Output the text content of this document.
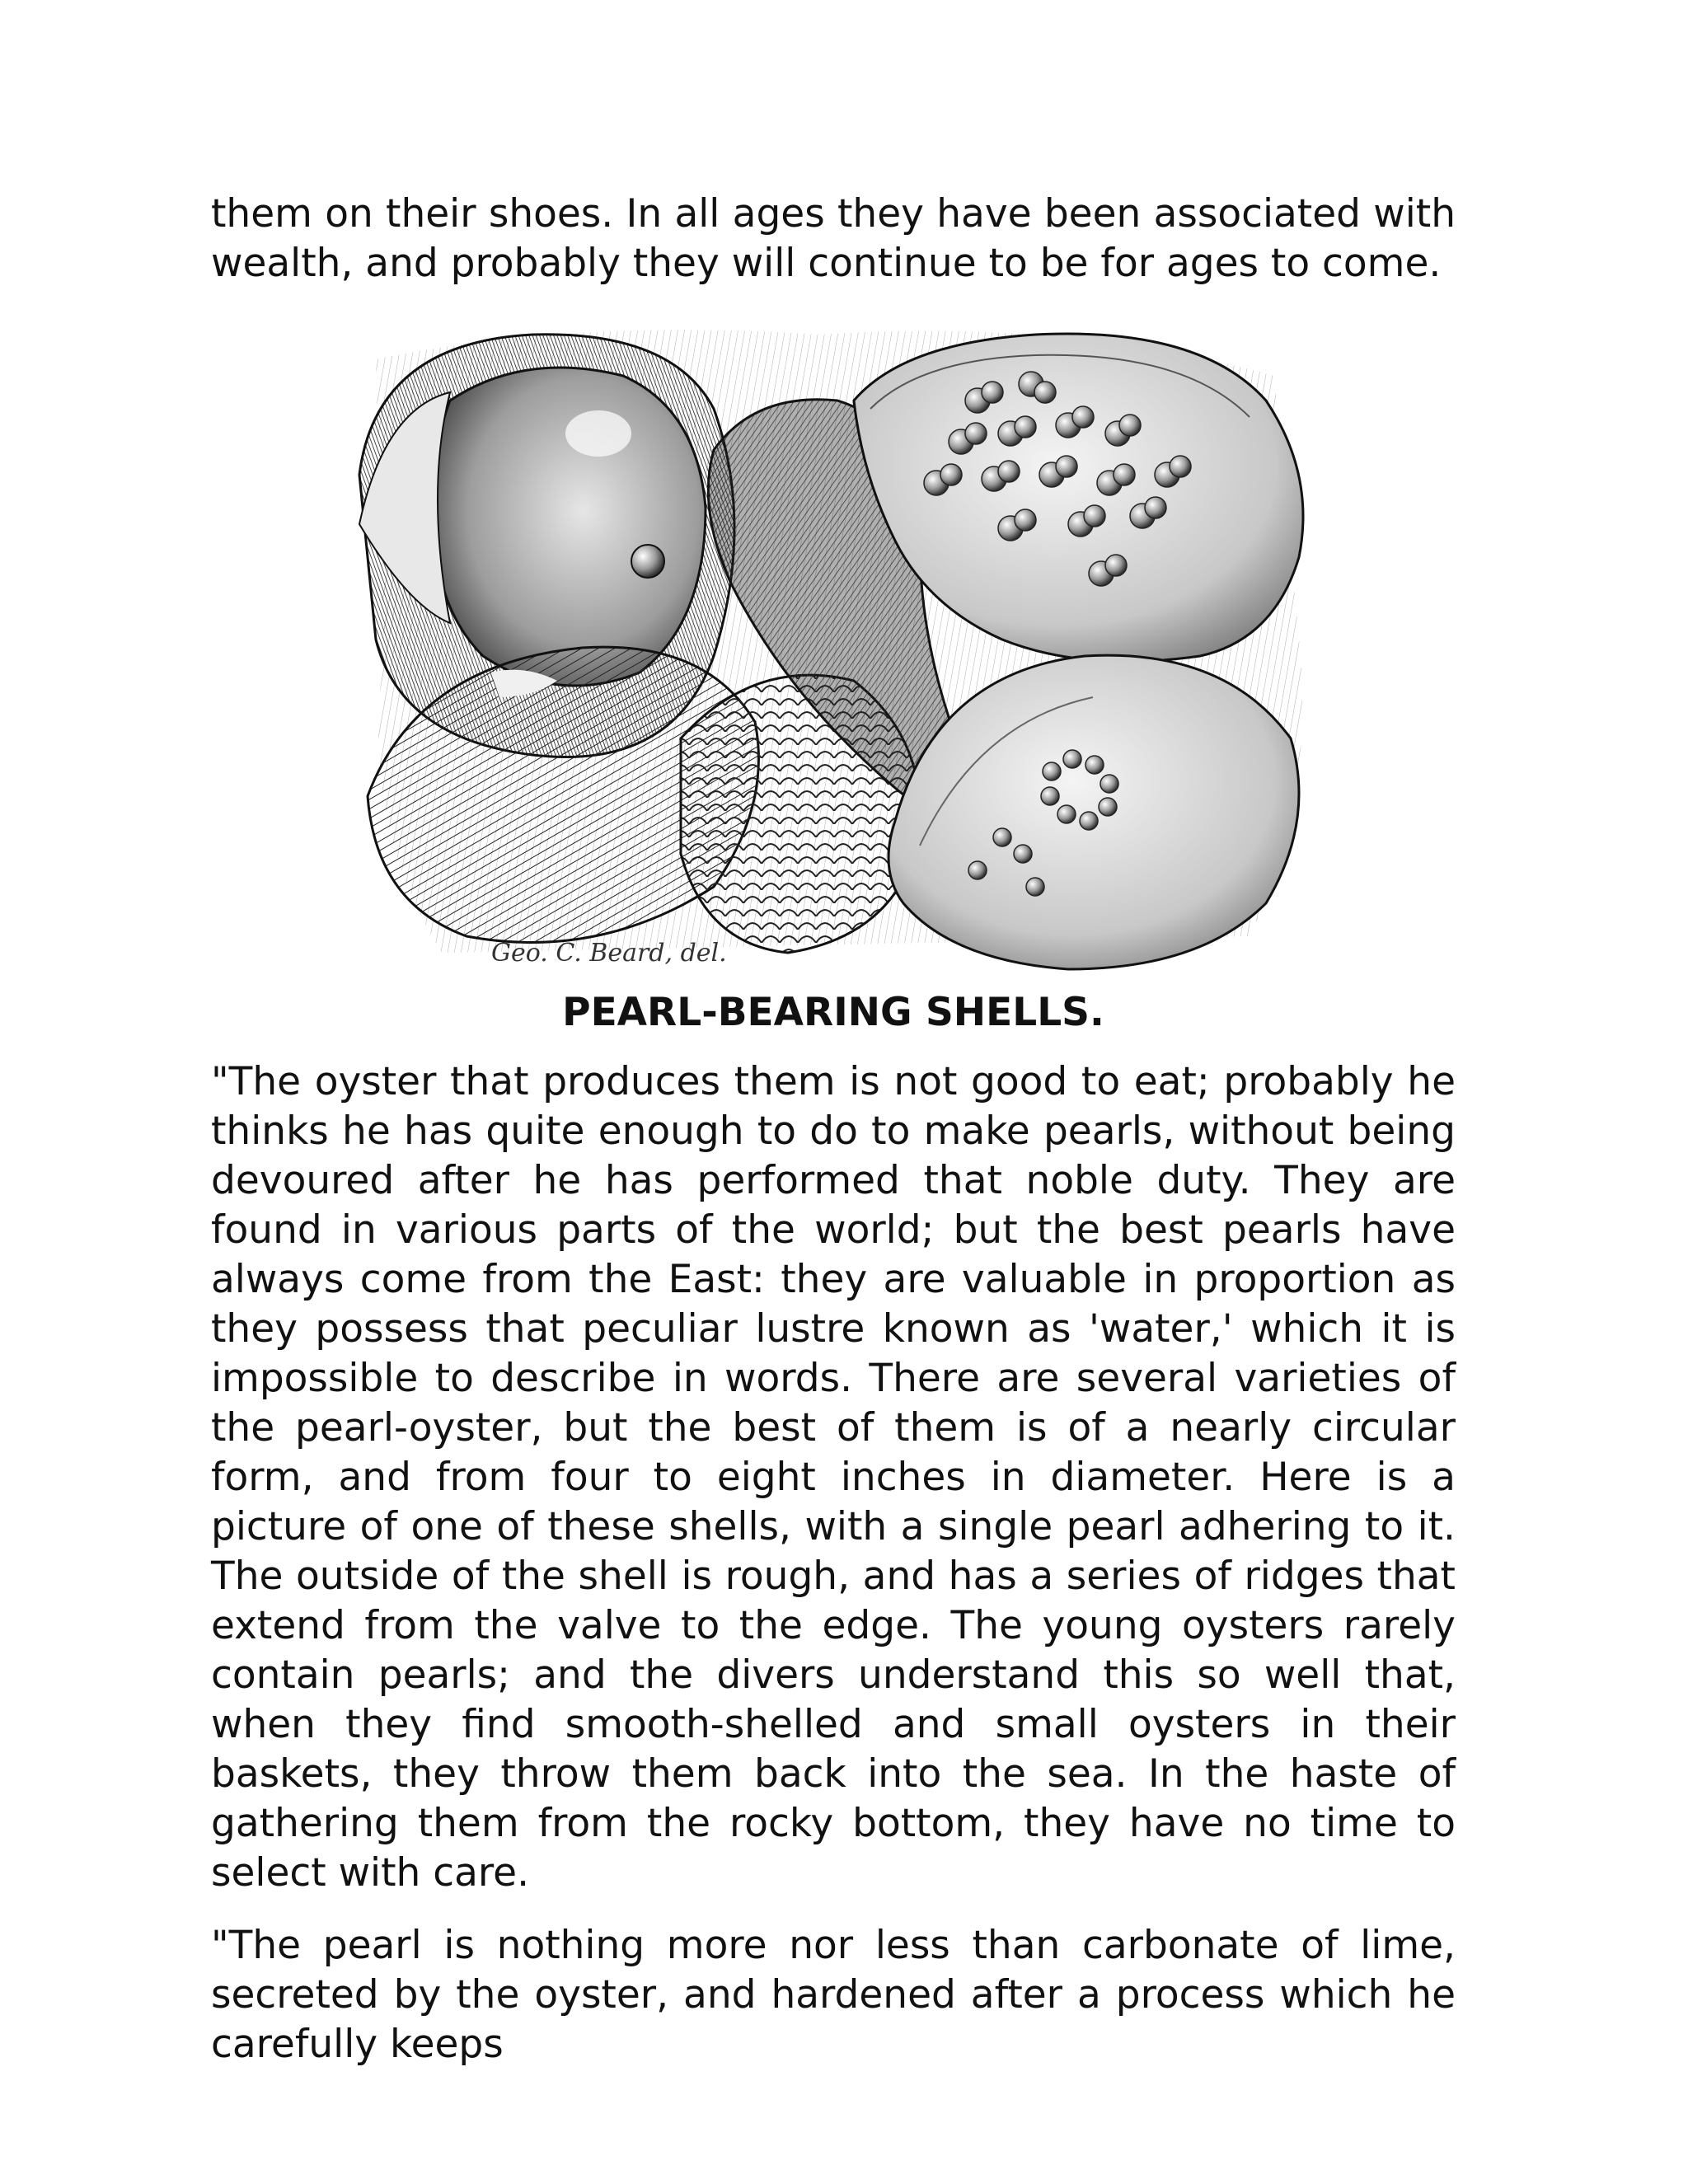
them on their shoes. In all ages they have been associated with wealth, and probably they will continue to be for ages to come.

Geo. C. Beard, del.
PEARL-BEARING SHELLS.

"The oyster that produces them is not good to eat; probably he thinks he has quite enough to do to make pearls, without being devoured after he has performed that noble duty. They are found in various parts of the world; but the best pearls have always come from the East: they are valuable in proportion as they possess that peculiar lustre known as 'water,' which it is impossible to describe in words. There are several varieties of the pearl-oyster, but the best of them is of a nearly circular form, and from four to eight inches in diameter. Here is a picture of one of these shells, with a single pearl adhering to it. The outside of the shell is rough, and has a series of ridges that extend from the valve to the edge. The young oysters rarely contain pearls; and the divers understand this so well that, when they find smooth-shelled and small oysters in their baskets, they throw them back into the sea. In the haste of gathering them from the rocky bottom, they have no time to select with care.

"The pearl is nothing more nor less than carbonate of lime, secreted by the oyster, and hardened after a process which he carefully keeps
